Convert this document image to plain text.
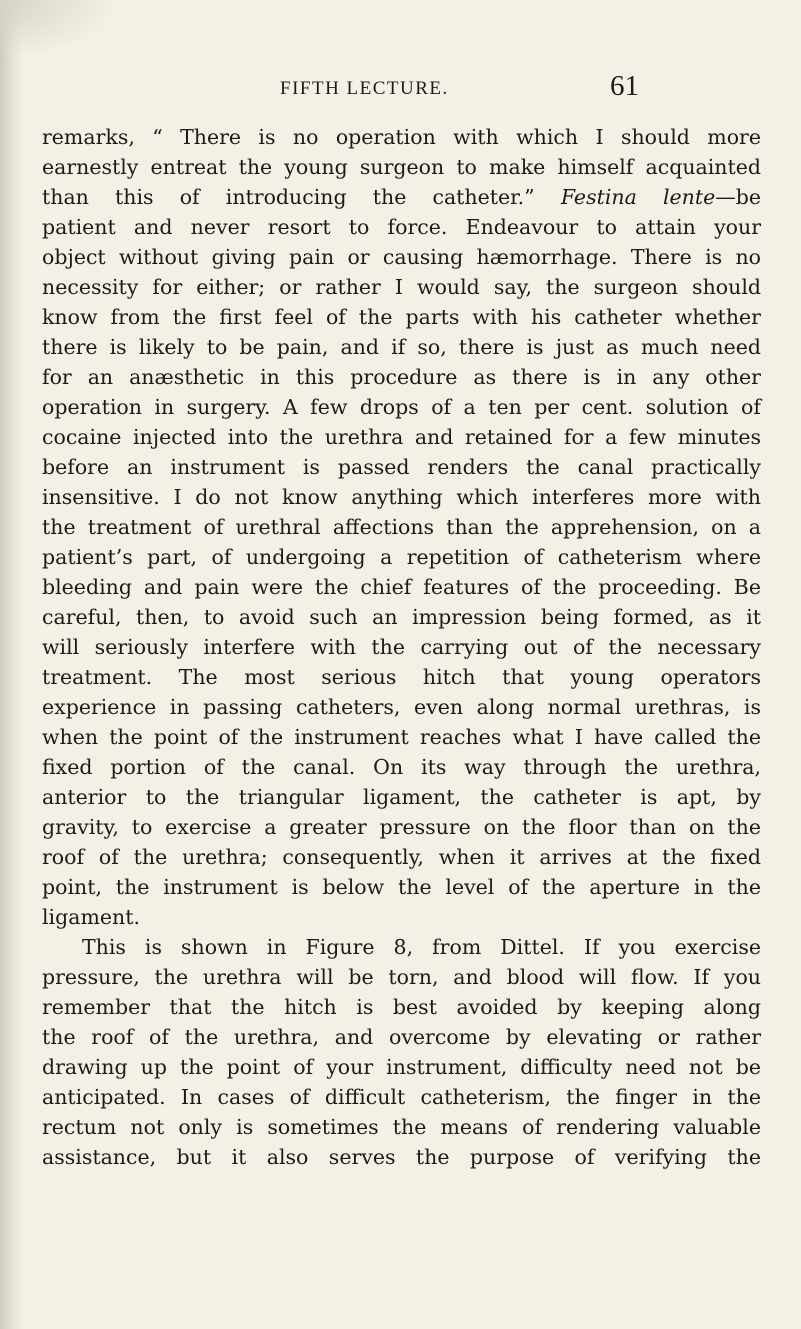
FIFTH LECTURE.	61
remarks, “ There is no operation with which I should more
earnestly entreat the young surgeon to make himself acquainted
than this of introducing the catheter.” Festina lente—be
patient and never resort to force. Endeavour to attain your
object without giving pain or causing hæmorrhage. There is no
necessity for either; or rather I would say, the surgeon should
know from the first feel of the parts with his catheter whether
there is likely to be pain, and if so, there is just as much need
for an anæsthetic in this procedure as there is in any other
operation in surgery. A few drops of a ten per cent. solution of
cocaine injected into the urethra and retained for a few minutes
before an instrument is passed renders the canal practically
insensitive. I do not know anything which interferes more with
the treatment of urethral affections than the apprehension, on a
patient’s part, of undergoing a repetition of catheterism where
bleeding and pain were the chief features of the proceeding. Be
careful, then, to avoid such an impression being formed, as it
will seriously interfere with the carrying out of the necessary
treatment. The most serious hitch that young operators
experience in passing catheters, even along normal urethras, is
when the point of the instrument reaches what I have called the
fixed portion of the canal. On its way through the urethra,
anterior to the triangular ligament, the catheter is apt, by
gravity, to exercise a greater pressure on the floor than on the
roof of the urethra; consequently, when it arrives at the fixed
point, the instrument is below the level of the aperture in the
ligament.
This is shown in Figure 8, from Dittel. If you exercise
pressure, the urethra will be torn, and blood will flow. If you
remember that the hitch is best avoided by keeping along
the roof of the urethra, and overcome by elevating or rather
drawing up the point of your instrument, difficulty need not be
anticipated. In cases of difficult catheterism, the finger in the
rectum not only is sometimes the means of rendering valuable
assistance, but it also serves the purpose of verifying the
